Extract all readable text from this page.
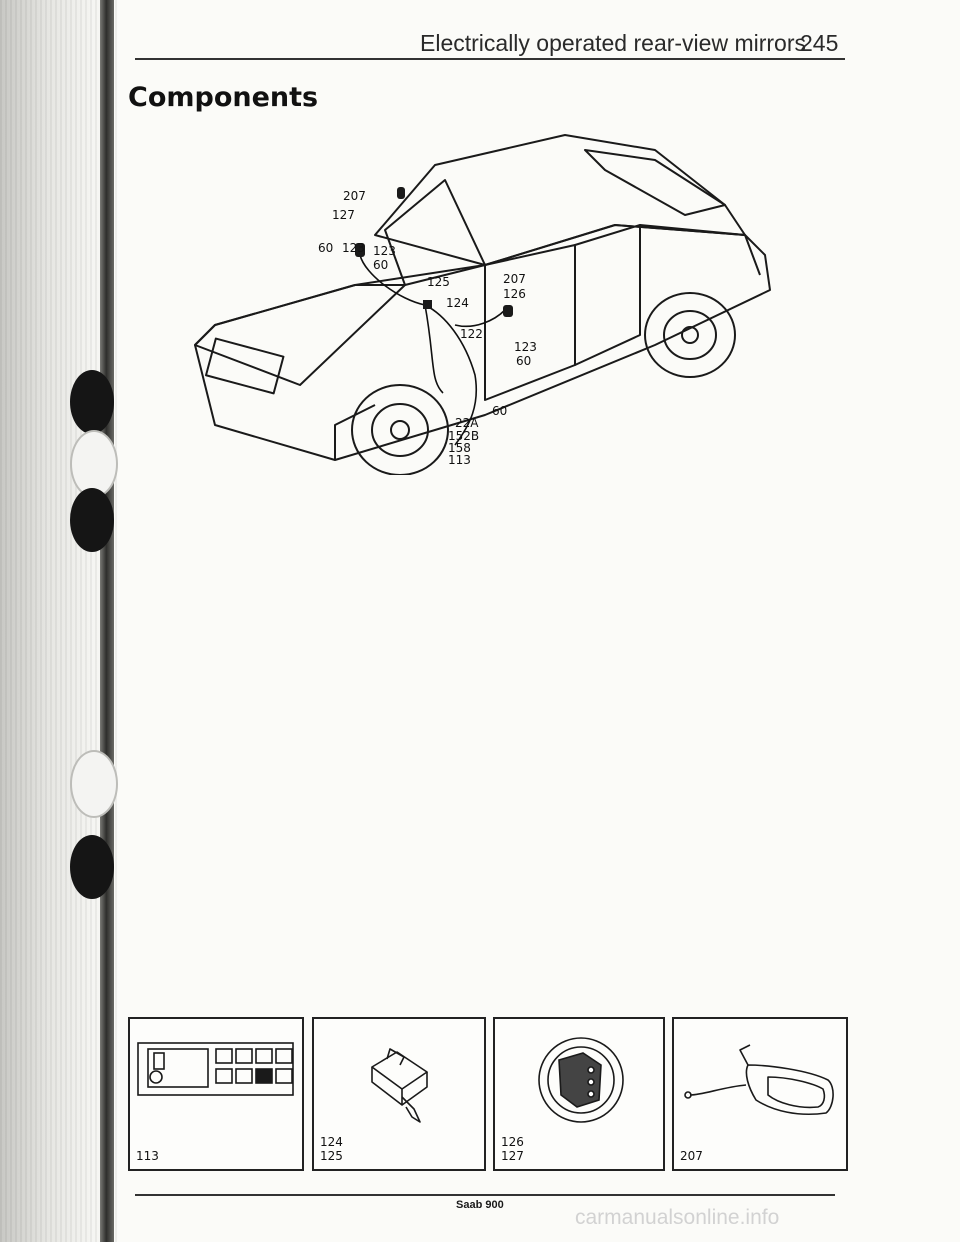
Electrically operated rear-view mirrors
245
Components
207
127
60 123 123
60
125
124
207
126
122
123
60
60
22A
152B
158
113
113
124
125
126
127	207
Saab 900
carmanualsonline.info
